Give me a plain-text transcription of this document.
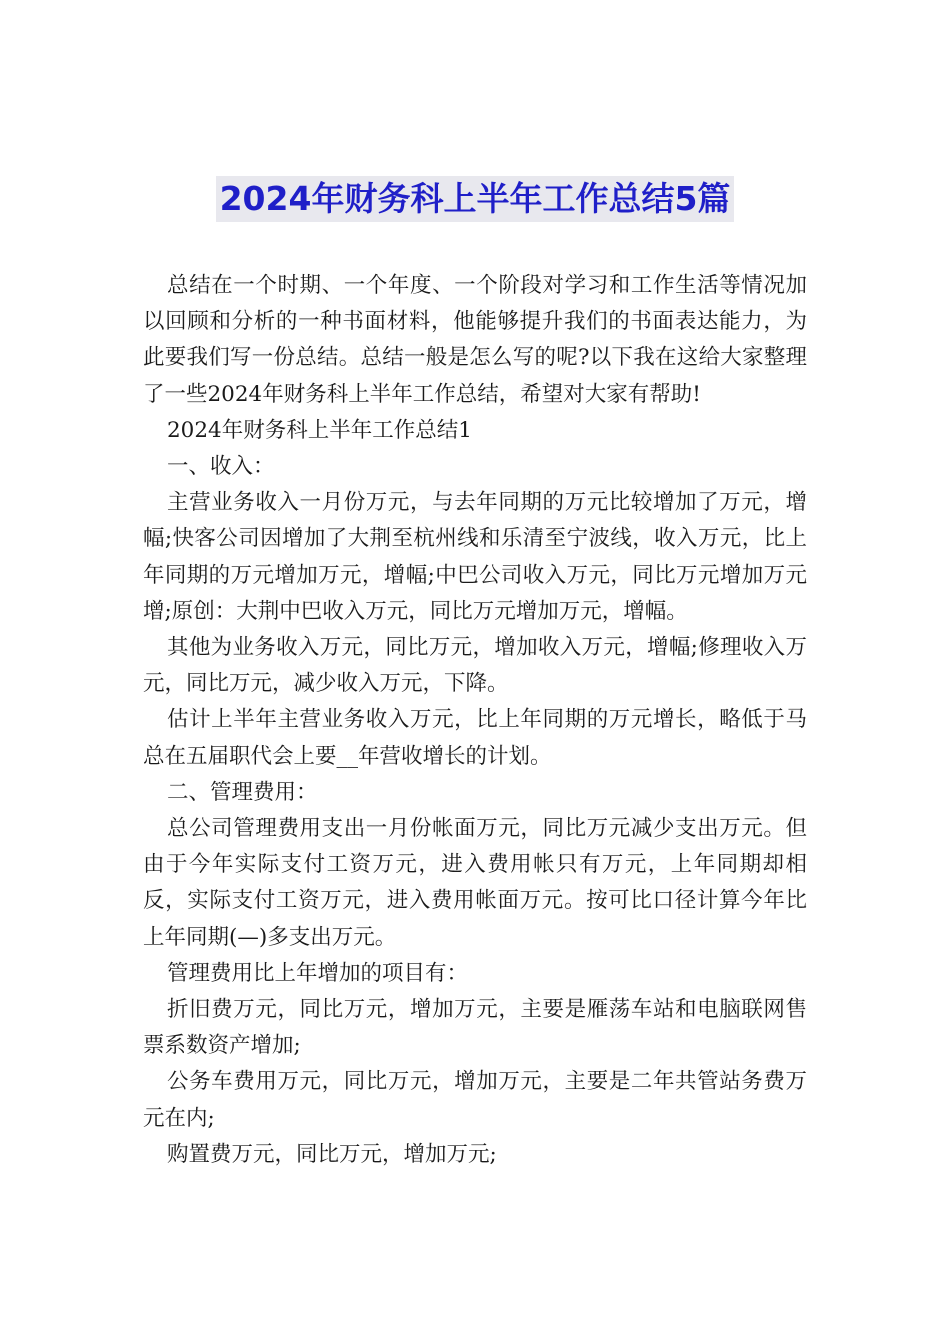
2024年财务科上半年工作总结5篇

总结在一个时期、一个年度、一个阶段对学习和工作生活等情况加以回顾和分析的一种书面材料，他能够提升我们的书面表达能力，为此要我们写一份总结。总结一般是怎么写的呢?以下我在这给大家整理了一些2024年财务科上半年工作总结，希望对大家有帮助!

2024年财务科上半年工作总结1

一、收入：

主营业务收入一月份万元，与去年同期的万元比较增加了万元，增幅;快客公司因增加了大荆至杭州线和乐清至宁波线，收入万元，比上年同期的万元增加万元，增幅;中巴公司收入万元，同比万元增加万元增;原创：大荆中巴收入万元，同比万元增加万元，增幅。

其他为业务收入万元，同比万元，增加收入万元，增幅;修理收入万元，同比万元，减少收入万元，下降。

估计上半年主营业务收入万元，比上年同期的万元增长，略低于马总在五届职代会上要__年营收增长的计划。

二、管理费用：

总公司管理费用支出一月份帐面万元，同比万元减少支出万元。但由于今年实际支付工资万元，进入费用帐只有万元，上年同期却相反，实际支付工资万元，进入费用帐面万元。按可比口径计算今年比上年同期(—)多支出万元。

管理费用比上年增加的项目有：

折旧费万元，同比万元，增加万元，主要是雁荡车站和电脑联网售票系数资产增加;

公务车费用万元，同比万元，增加万元，主要是二年共管站务费万元在内;

购置费万元，同比万元，增加万元;
